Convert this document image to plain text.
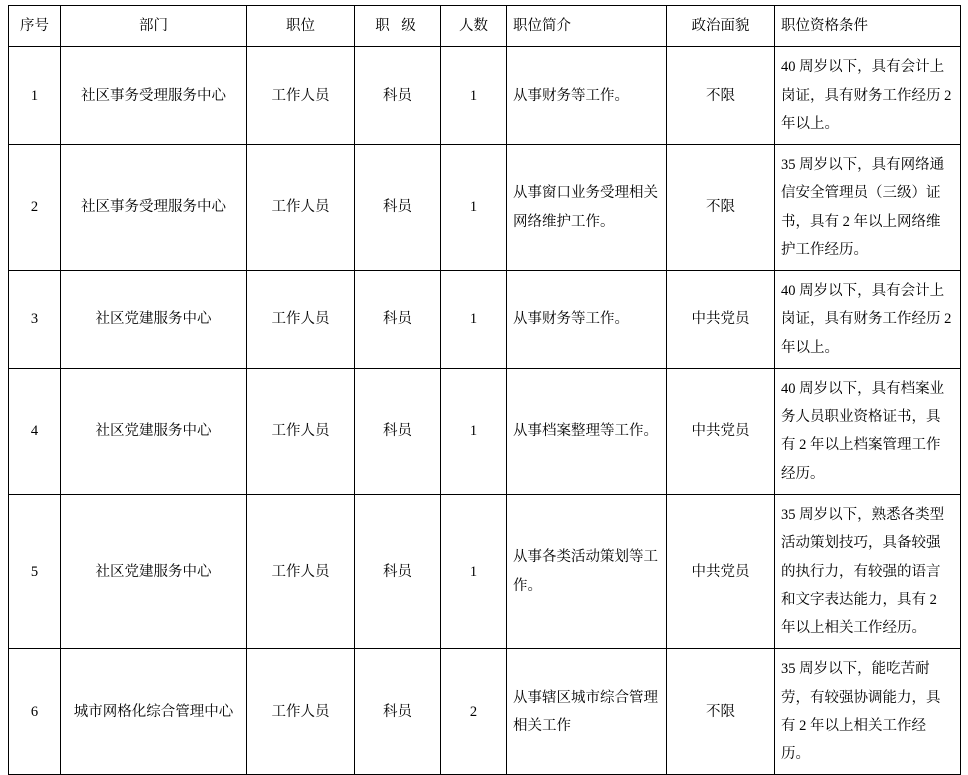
序号	部门	职位	职 级	人数	职位简介	政治面貌	职位资格条件
1	社区事务受理服务中心	工作人员	科员	1	从事财务等工作。	不限	40 周岁以下，具有会计上岗证，具有财务工作经历 2 年以上。
2	社区事务受理服务中心	工作人员	科员	1	从事窗口业务受理相关网络维护工作。	不限	35 周岁以下，具有网络通信安全管理员（三级）证书，具有 2 年以上网络维护工作经历。
3	社区党建服务中心	工作人员	科员	1	从事财务等工作。	中共党员	40 周岁以下，具有会计上岗证，具有财务工作经历 2 年以上。
4	社区党建服务中心	工作人员	科员	1	从事档案整理等工作。	中共党员	40 周岁以下，具有档案业务人员职业资格证书，具有 2 年以上档案管理工作经历。
5	社区党建服务中心	工作人员	科员	1	从事各类活动策划等工作。	中共党员	35 周岁以下，熟悉各类型活动策划技巧，具备较强的执行力，有较强的语言和文字表达能力，具有 2 年以上相关工作经历。
6	城市网格化综合管理中心	工作人员	科员	2	从事辖区城市综合管理相关工作	不限	35 周岁以下，能吃苦耐劳，有较强协调能力，具有 2 年以上相关工作经历。
